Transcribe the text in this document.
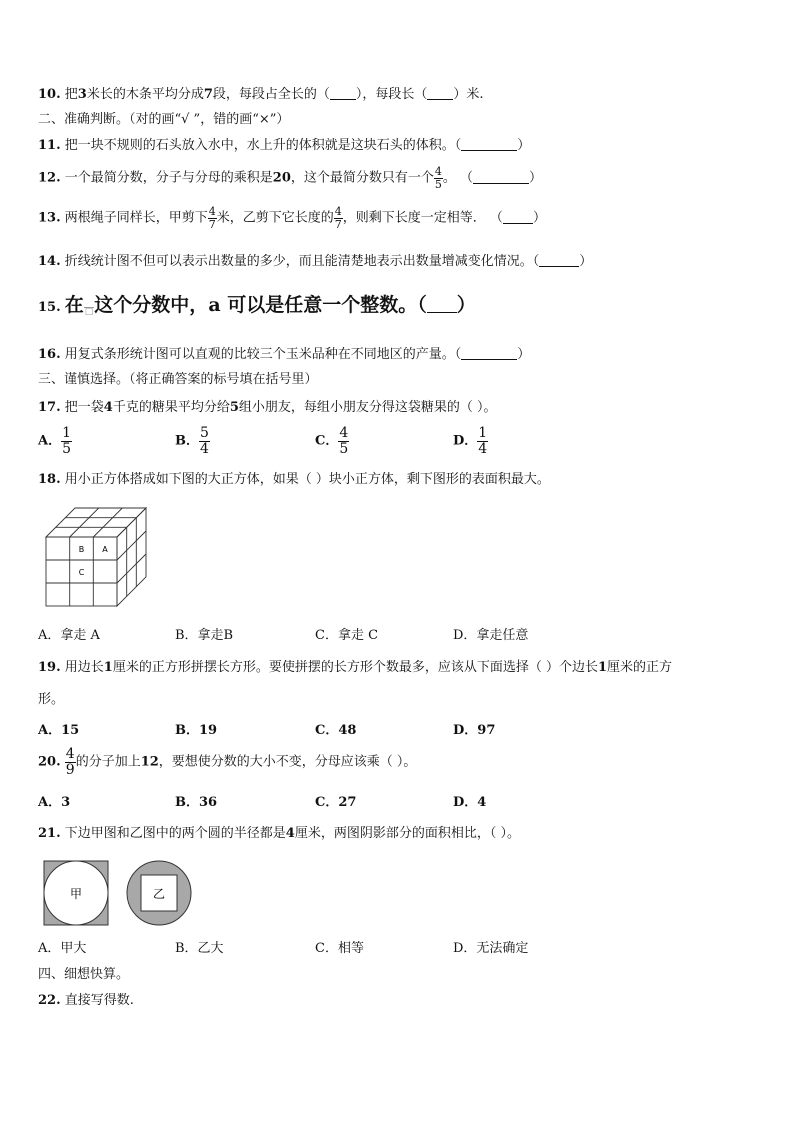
10. 把3米长的木条平均分成7段，每段占全长的（ ），每段长（ ）米.
二、准确判断。（对的画“√ ”，错的画“×”）
11. 把一块不规则的石头放入水中，水上升的体积就是这块石头的体积。（	）
12. 一个最简分数，分子与分母的乘积是20，这个最简分数只有一个 $\frac{4}{5}$ 。 （	）
13. 两根绳子同样长，甲剪下 $\frac{4}{7}$ 米，乙剪下它长度的 $\frac{4}{7}$ ，则剩下长度一定相等． （ ）
14. 折线统计图不但可以表示出数量的多少，而且能清楚地表示出数量增减变化情况。（	）
15. 在
□ 这个分数中，a 可以是任意一个整数。（ ）
16. 用复式条形统计图可以直观的比较三个玉米品种在不同地区的产量。（	）
三、谨慎选择。（将正确答案的标号填在括号里）
17. 把一袋4千克的糖果平均分给5组小朋友，每组小朋友分得这袋糖果的（ ）。
A． $\frac{1}{5}$	B． $\frac{5}{4}$	C． $\frac{4}{5}$	D． $\frac{1}{4}$
18. 用小正方体搭成如下图的大正方体，如果（ ）块小正方体，剩下图形的表面积最大。
B A
C
A．拿走 A	B．拿走B	C．拿走 C	D．拿走任意
19. 用边长1厘米的正方形拼摆长方形。要使拼摆的长方形个数最多，应该从下面选择（ ）个边长1厘米的正方
形。
A．15	B．19	C．48	D．97
20. $\frac{4}{9}$ 的分子加上12，要想使分数的大小不变，分母应该乘（ ）。
A．3	B．36	C．27	D．4
21. 下边甲图和乙图中的两个圆的半径都是4厘米，两图阴影部分的面积相比，（ ）。
甲	乙
A．甲大	B．乙大	C．相等	D．无法确定
四、细想快算。
22. 直接写得数.
